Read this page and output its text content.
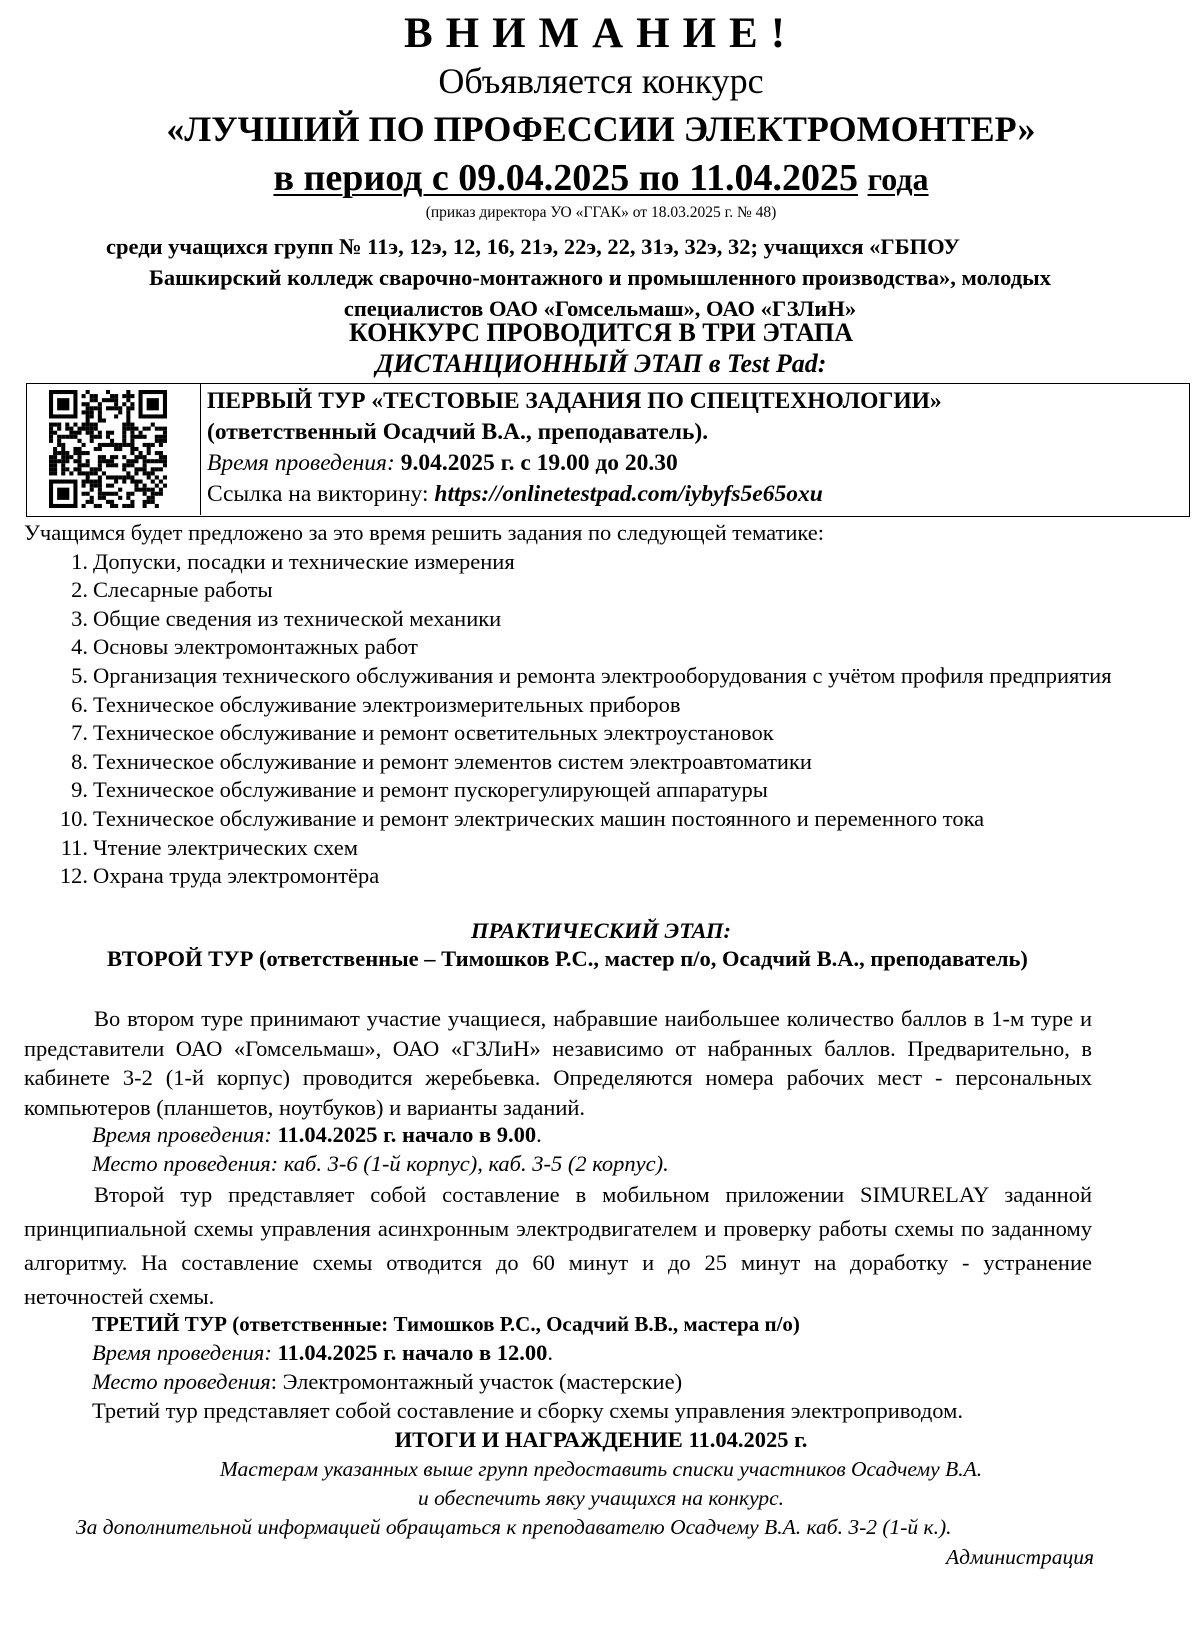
ВНИМАНИЕ!
Объявляется конкурс
«ЛУЧШИЙ ПО ПРОФЕССИИ ЭЛЕКТРОМОНТЕР»
в период с 09.04.2025 по 11.04.2025 года
(приказ директора УО «ГГАК» от 18.03.2025 г. № 48)
среди учащихся групп № 11э, 12э, 12, 16, 21э, 22э, 22, 31э, 32э, 32; учащихся «ГБПОУ
Башкирский колледж сварочно-монтажного и промышленного производства», молодых
специалистов ОАО «Гомсельмаш», ОАО «ГЗЛиН»
КОНКУРС ПРОВОДИТСЯ В ТРИ ЭТАПА
ДИСТАНЦИОННЫЙ ЭТАП в Test Pad:
ПЕРВЫЙ ТУР «ТЕСТОВЫЕ ЗАДАНИЯ ПО СПЕЦТЕХНОЛОГИИ»
(ответственный Осадчий В.А., преподаватель).
Время проведения: 9.04.2025 г. с 19.00 до 20.30
Ссылка на викторину: https://onlinetestpad.com/iybyfs5e65oxu
Учащимся будет предложено за это время решить задания по следующей тематике:
1. Допуски, посадки и технические измерения
2. Слесарные работы
3. Общие сведения из технической механики
4. Основы электромонтажных работ
5. Организация технического обслуживания и ремонта электрооборудования с учётом профиля предприятия
6. Техническое обслуживание электроизмерительных приборов
7. Техническое обслуживание и ремонт осветительных электроустановок
8. Техническое обслуживание и ремонт элементов систем электроавтоматики
9. Техническое обслуживание и ремонт пускорегулирующей аппаратуры
10. Техническое обслуживание и ремонт электрических машин постоянного и переменного тока
11. Чтение электрических схем
12. Охрана труда электромонтёра
ПРАКТИЧЕСКИЙ ЭТАП:
ВТОРОЙ ТУР (ответственные – Тимошков Р.С., мастер п/о, Осадчий В.А., преподаватель)
Во втором туре принимают участие учащиеся, набравшие наибольшее количество баллов в 1-м туре и представители ОАО «Гомсельмаш», ОАО «ГЗЛиН» независимо от набранных баллов. Предварительно, в кабинете 3-2 (1-й корпус) проводится жеребьевка. Определяются номера рабочих мест - персональных компьютеров (планшетов, ноутбуков) и варианты заданий.
Время проведения: 11.04.2025 г. начало в 9.00.
Место проведения: каб. 3-6 (1-й корпус), каб. 3-5 (2 корпус).
Второй тур представляет собой составление в мобильном приложении SIMURELAY заданной принципиальной схемы управления асинхронным электродвигателем и проверку работы схемы по заданному алгоритму. На составление схемы отводится до 60 минут и до 25 минут на доработку - устранение неточностей схемы.
ТРЕТИЙ ТУР (ответственные: Тимошков Р.С., Осадчий В.В., мастера п/о)
Время проведения: 11.04.2025 г. начало в 12.00.
Место проведения: Электромонтажный участок (мастерские)
Третий тур представляет собой составление и сборку схемы управления электроприводом.
ИТОГИ И НАГРАЖДЕНИЕ 11.04.2025 г.
Мастерам указанных выше групп предоставить списки участников Осадчему В.А.
и обеспечить явку учащихся на конкурс.
За дополнительной информацией обращаться к преподавателю Осадчему В.А. каб. 3-2 (1-й к.).
Администрация
